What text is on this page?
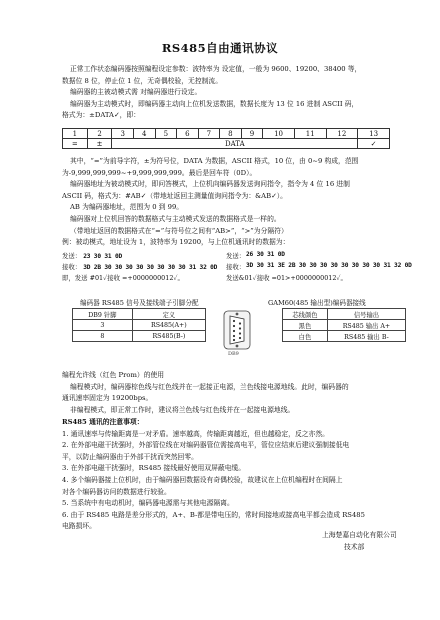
RS485自由通讯协议

正常工作状态编码器按照编程设定参数：波特率为 设定值，一般为 9600、19200、38400 等，

数据位 8 位，停止位 1 位，无奇偶校验，无控制流。

编码器的主被动模式需 对编码器进行设定。

编码器为主动模式时，即编码器主动向上位机发送数据，数据长度为 13 位 16 进制 ASCII 码，

格式为：±DATA✓，即：

1	2	3	4	5	6	7	8	9	10	11	12	13
=	±	DATA										✓

其中，“=”为前导字符，±为符号位，DATA 为数据，ASCII 格式，10 位，由 0~9 构成，范围

为-9,999,999,999~+9,999,999,999。最后是回车符（0D）。

编码器地址为被动模式时，即问答模式，上位机向编码器发送询问指令，指令为 4 位 16 进制

ASCII 码，格式为：#AB✓（带地址返回主测量值询问指令为：&AB✓）。

AB 为编码器地址，范围为 0 到 99。

编码器对上位机回答的数据格式与主动模式发送的数据格式是一样的。

（带地址返回的数据格式在“=”与符号位之间有“AB>”，“>”为分隔符）

例：被动模式，地址设为 1，波特率为 19200，与上位机通讯时的数据为：

发送： 23 30 31 0D	发送： 26 30 31 0D
接收： 3D 2B 30 30 30 30 30 30 30 30 31 32 0D 接收： 3D 30 31 3E 2B 30 30 30 30 30 30 30 30 31 32 0D
即，发送 #01✓接收 =+0000000012✓。	发送&01✓接收 =01>+0000000012✓。
编码器 RS485 信号及接线端子引脚分配
DB9 针脚	定义
3	RS485(A+)
8	RS485(B-)
DB9
GAM60(485 输出型)编码器接线
芯线颜色	信号输出
黑色	RS485 输出 A+
白色	RS485 输出 B-

编程允许线（红色 Prom）的使用

编程模式时，编码器棕色线与红色线并在一起接正电源，兰色线接电源地线。此时，编码器的

通讯速率固定为 19200bps。

非编程模式，即正常工作时，建议将兰色线与红色线并在一起接电源地线。

RS485 通讯的注意事项：

1. 通讯速率与传输距离是一对矛盾。速率越高，传输距离越近，但也越稳定，反之亦然。

2. 在外部电磁干扰强时，外部管位线在对编码器管位需接高电平，管位应结束后建议强制接低电

平，以防止编码器由于外部干扰而突然回零。

3. 在外部电磁干扰强时，RS485 接线最好使用双屏蔽电缆。

4. 多个编码器接上位机时，由于编码器回数据设有奇偶校验，故建议在上位机编程时在间隔上

对各个编码器访问的数据进行较验。

5. 当系统中有电动机时，编码器电源需与其他电源隔离。

6. 由于 RS485 电路是差分形式的，A+、B-都是带电压的，常时间接地或接高电平都会造成 RS485

电路损坏。

上海楚嘉自动化有限公司
技术部
